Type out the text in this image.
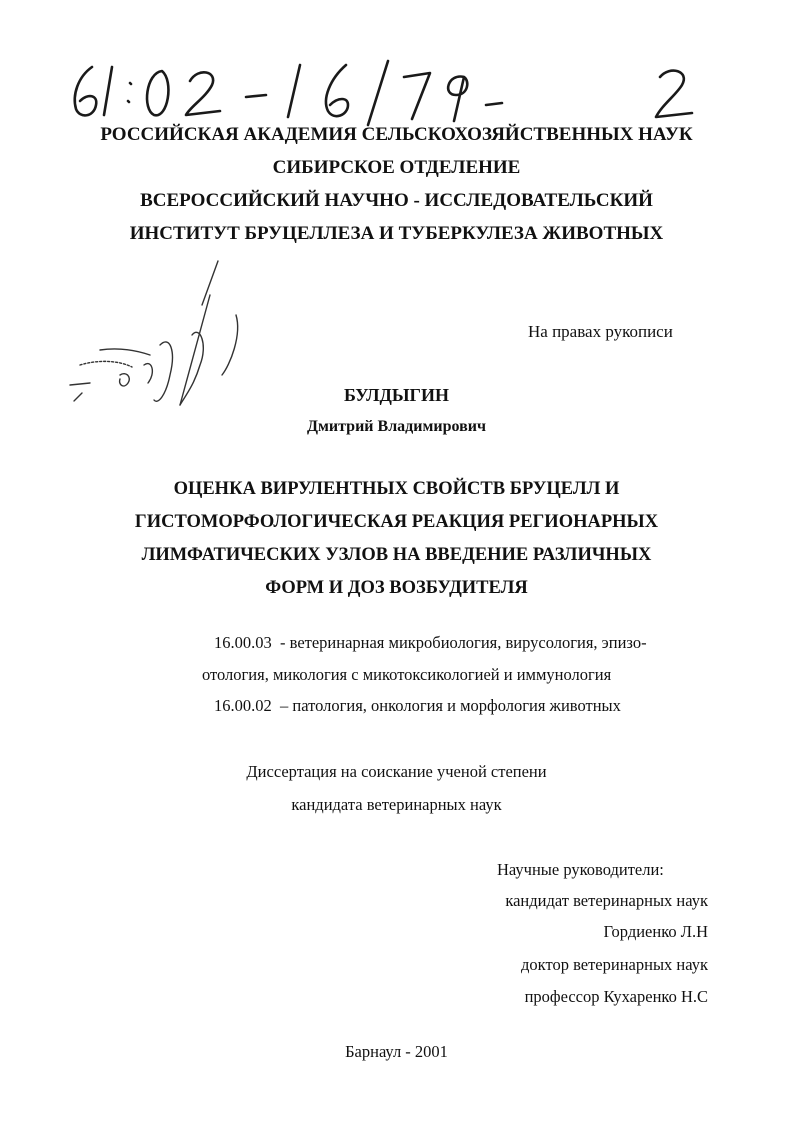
61:02-16/79-2	РОССИЙСКАЯ АКАДЕМИЯ СЕЛЬСКОХОЗЯЙСТВЕННЫХ НАУК
СИБИРСКОЕ ОТДЕЛЕНИЕ
ВСЕРОССИЙСКИЙ НАУЧНО - ИССЛЕДОВАТЕЛЬСКИЙ
ИНСТИТУТ БРУЦЕЛЛЕЗА И ТУБЕРКУЛЕЗА ЖИВОТНЫХ
На правах рукописи
БУЛДЫГИН
Дмитрий Владимирович
ОЦЕНКА ВИРУЛЕНТНЫХ СВОЙСТВ БРУЦЕЛЛ И
ГИСТОМОРФОЛОГИЧЕСКАЯ РЕАКЦИЯ РЕГИОНАРНЫХ
ЛИМФАТИЧЕСКИХ УЗЛОВ НА ВВЕДЕНИЕ РАЗЛИЧНЫХ
ФОРМ И ДОЗ ВОЗБУДИТЕЛЯ
16.00.03  - ветеринарная микробиология, вирусология, эпизо-
отология, микология с микотоксикологией и иммунология
16.00.02  – патология, онкология и морфология животных
Диссертация на соискание ученой степени
кандидата ветеринарных наук
Научные руководители:
кандидат ветеринарных наук
Гордиенко Л.Н
доктор ветеринарных наук
профессор Кухаренко Н.С
Барнаул - 2001
